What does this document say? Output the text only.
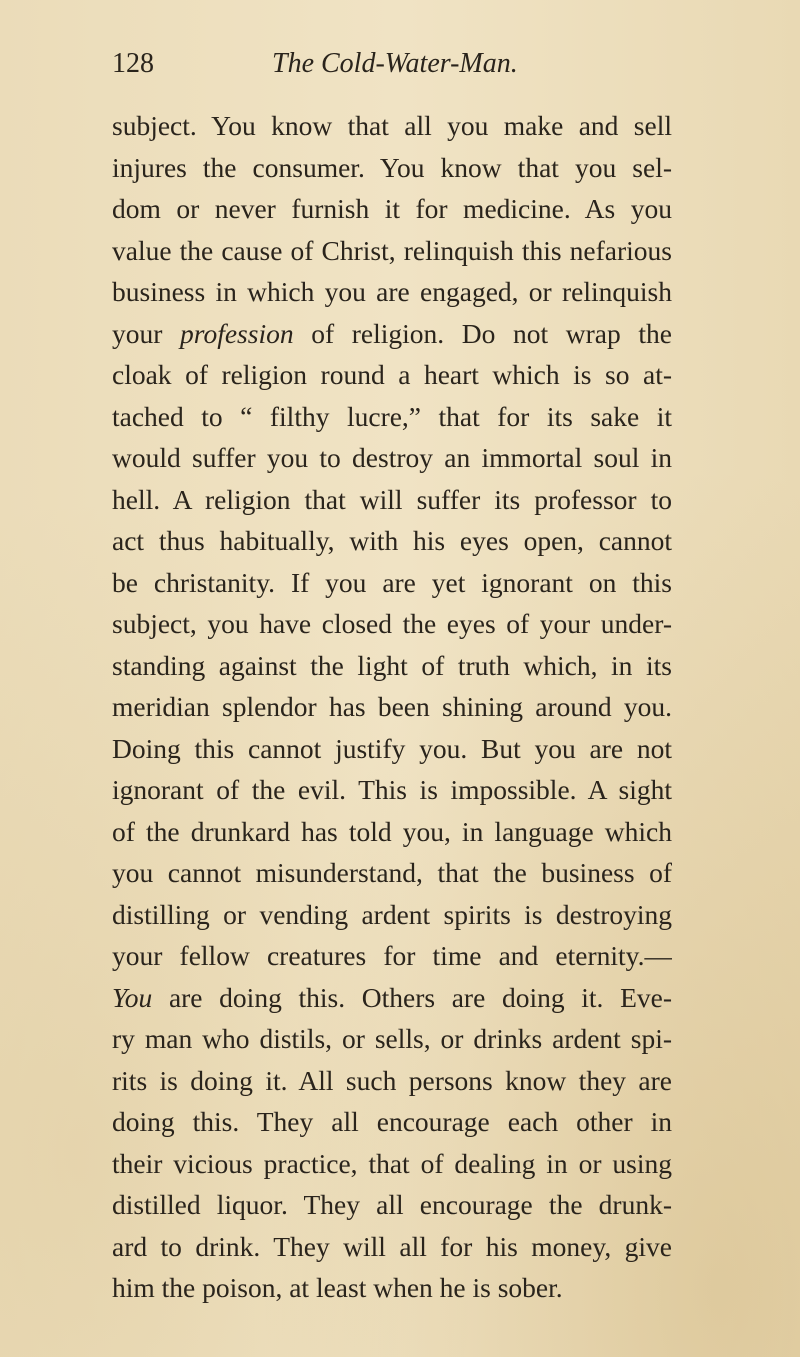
128	The Cold-Water-Man.
subject. You know that all you make and sell
injures the consumer. You know that you sel-
dom or never furnish it for medicine. As you
value the cause of Christ, relinquish this nefarious
business in which you are engaged, or relinquish
your profession of religion. Do not wrap the
cloak of religion round a heart which is so at-
tached to “ filthy lucre,” that for its sake it
would suffer you to destroy an immortal soul in
hell. A religion that will suffer its professor to
act thus habitually, with his eyes open, cannot
be christanity. If you are yet ignorant on this
subject, you have closed the eyes of your under-
standing against the light of truth which, in its
meridian splendor has been shining around you.
Doing this cannot justify you. But you are not
ignorant of the evil. This is impossible. A sight
of the drunkard has told you, in language which
you cannot misunderstand, that the business of
distilling or vending ardent spirits is destroying
your fellow creatures for time and eternity.—
You are doing this. Others are doing it. Eve-
ry man who distils, or sells, or drinks ardent spi-
rits is doing it. All such persons know they are
doing this. They all encourage each other in
their vicious practice, that of dealing in or using
distilled liquor. They all encourage the drunk-
ard to drink. They will all for his money, give
him the poison, at least when he is sober.
